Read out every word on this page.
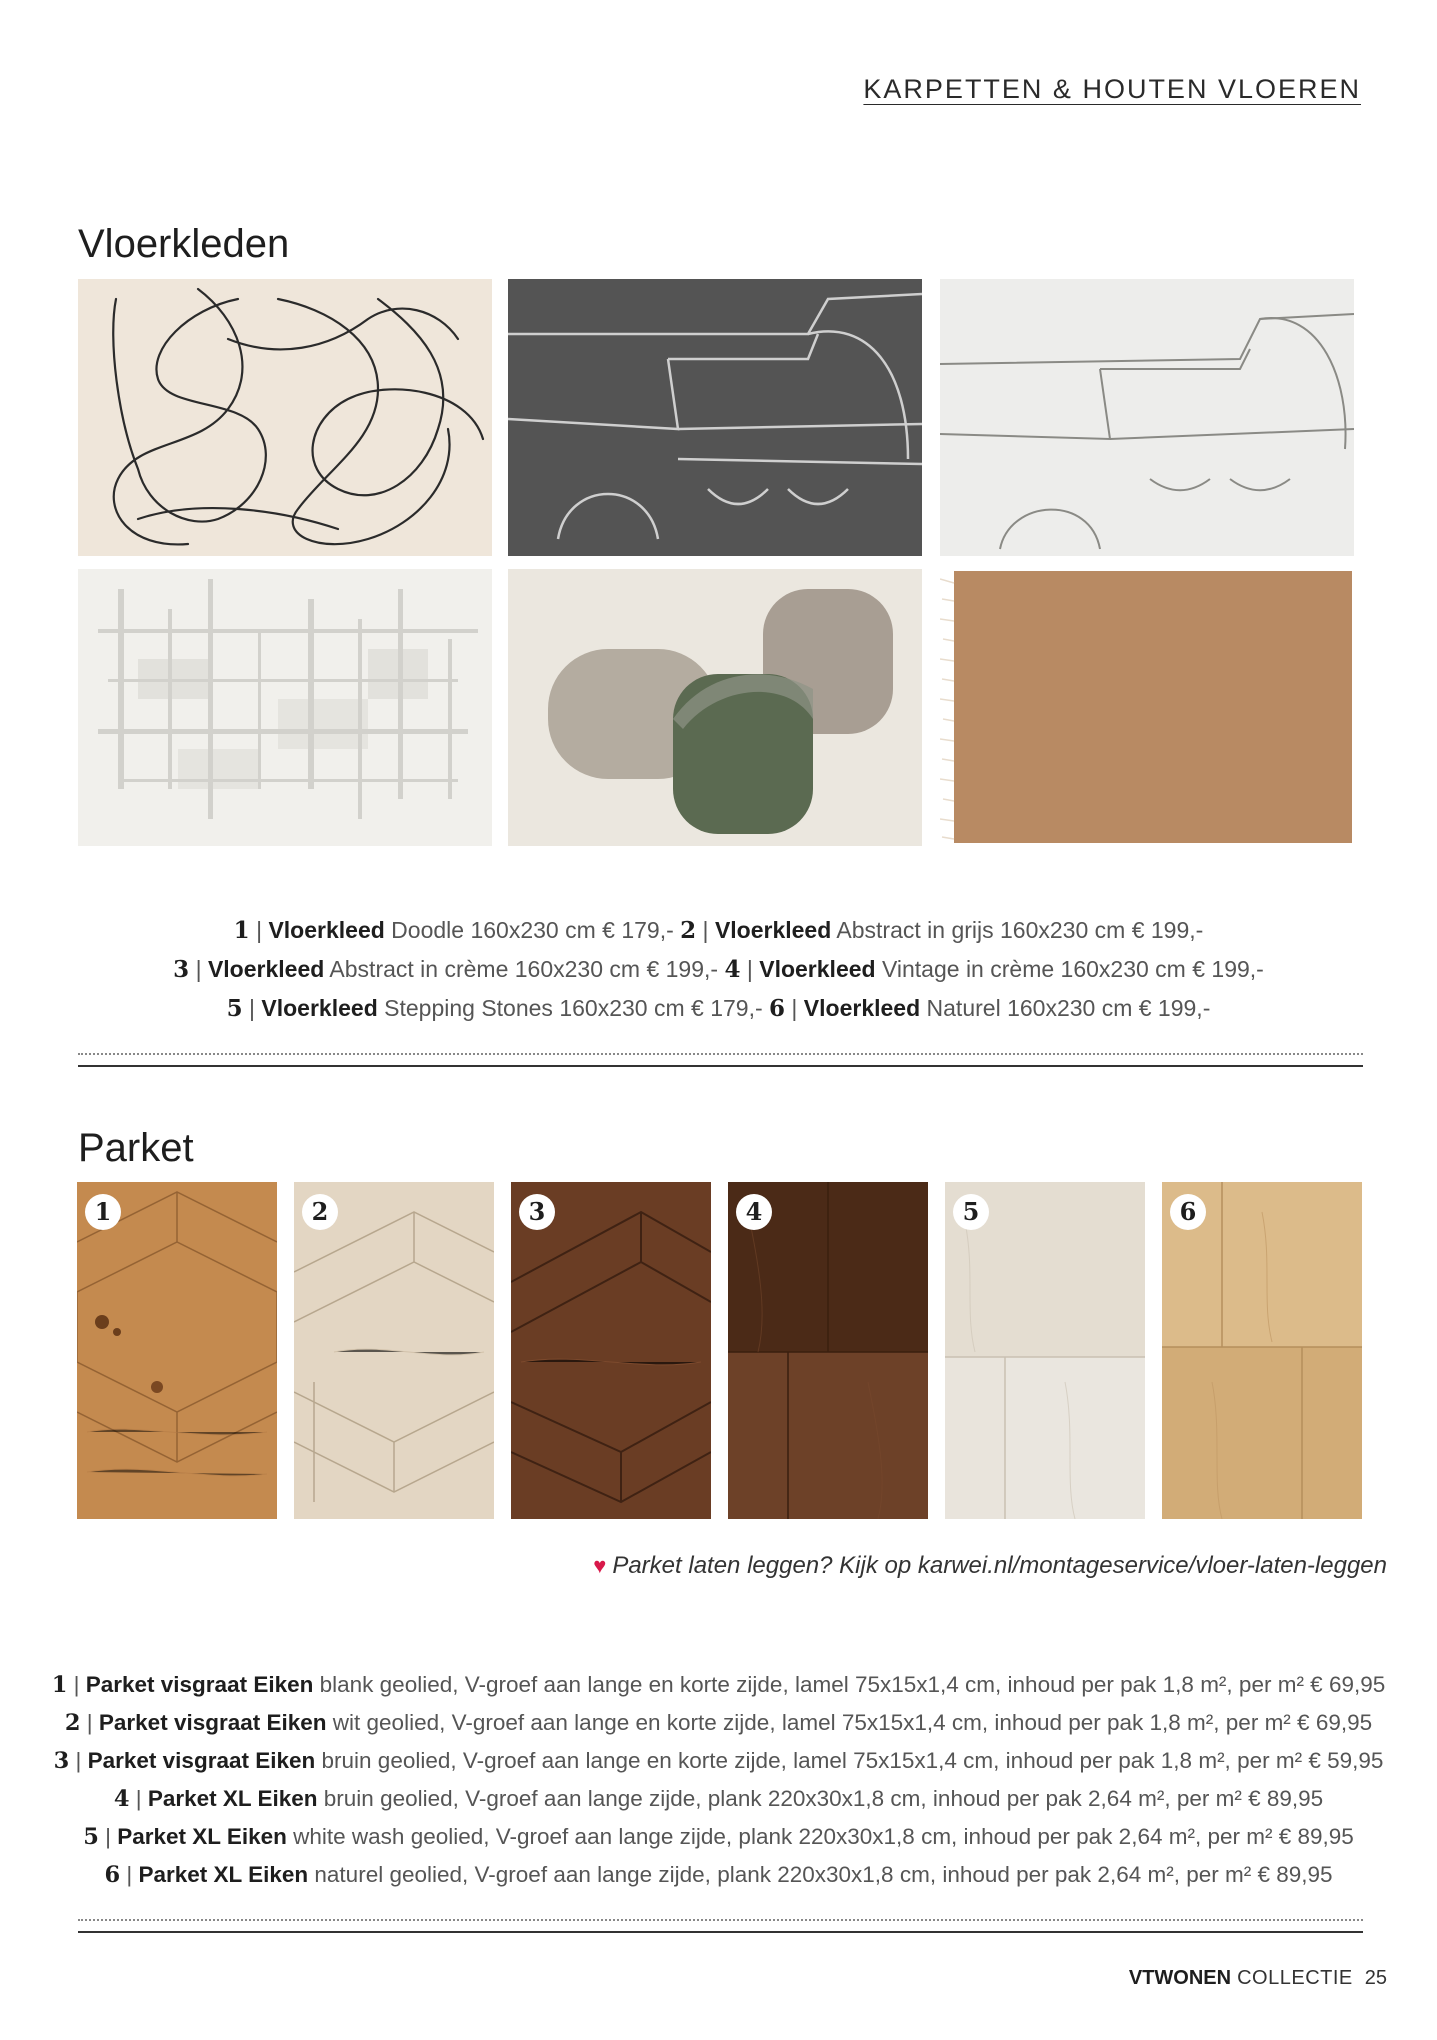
KARPETTEN & HOUTEN VLOEREN
Vloerkleden
1 | Vloerkleed Doodle 160x230 cm € 179,- 2 | Vloerkleed Abstract in grijs 160x230 cm € 199,-
3 | Vloerkleed Abstract in crème 160x230 cm € 199,- 4 | Vloerkleed Vintage in crème 160x230 cm € 199,-
5 | Vloerkleed Stepping Stones 160x230 cm € 179,- 6 | Vloerkleed Naturel 160x230 cm € 199,-
Parket
1	2	3	4	5	6
♥ Parket laten leggen? Kijk op karwei.nl/montageservice/vloer-laten-leggen
1 | Parket visgraat Eiken blank geolied, V-groef aan lange en korte zijde, lamel 75x15x1,4 cm, inhoud per pak 1,8 m², per m² € 69,95
2 | Parket visgraat Eiken wit geolied, V-groef aan lange en korte zijde, lamel 75x15x1,4 cm, inhoud per pak 1,8 m², per m² € 69,95
3 | Parket visgraat Eiken bruin geolied, V-groef aan lange en korte zijde, lamel 75x15x1,4 cm, inhoud per pak 1,8 m², per m² € 59,95
4 | Parket XL Eiken bruin geolied, V-groef aan lange zijde, plank 220x30x1,8 cm, inhoud per pak 2,64 m², per m² € 89,95
5 | Parket XL Eiken white wash geolied, V-groef aan lange zijde, plank 220x30x1,8 cm, inhoud per pak 2,64 m², per m² € 89,95
6 | Parket XL Eiken naturel geolied, V-groef aan lange zijde, plank 220x30x1,8 cm, inhoud per pak 2,64 m², per m² € 89,95
VTWONEN COLLECTIE 25
